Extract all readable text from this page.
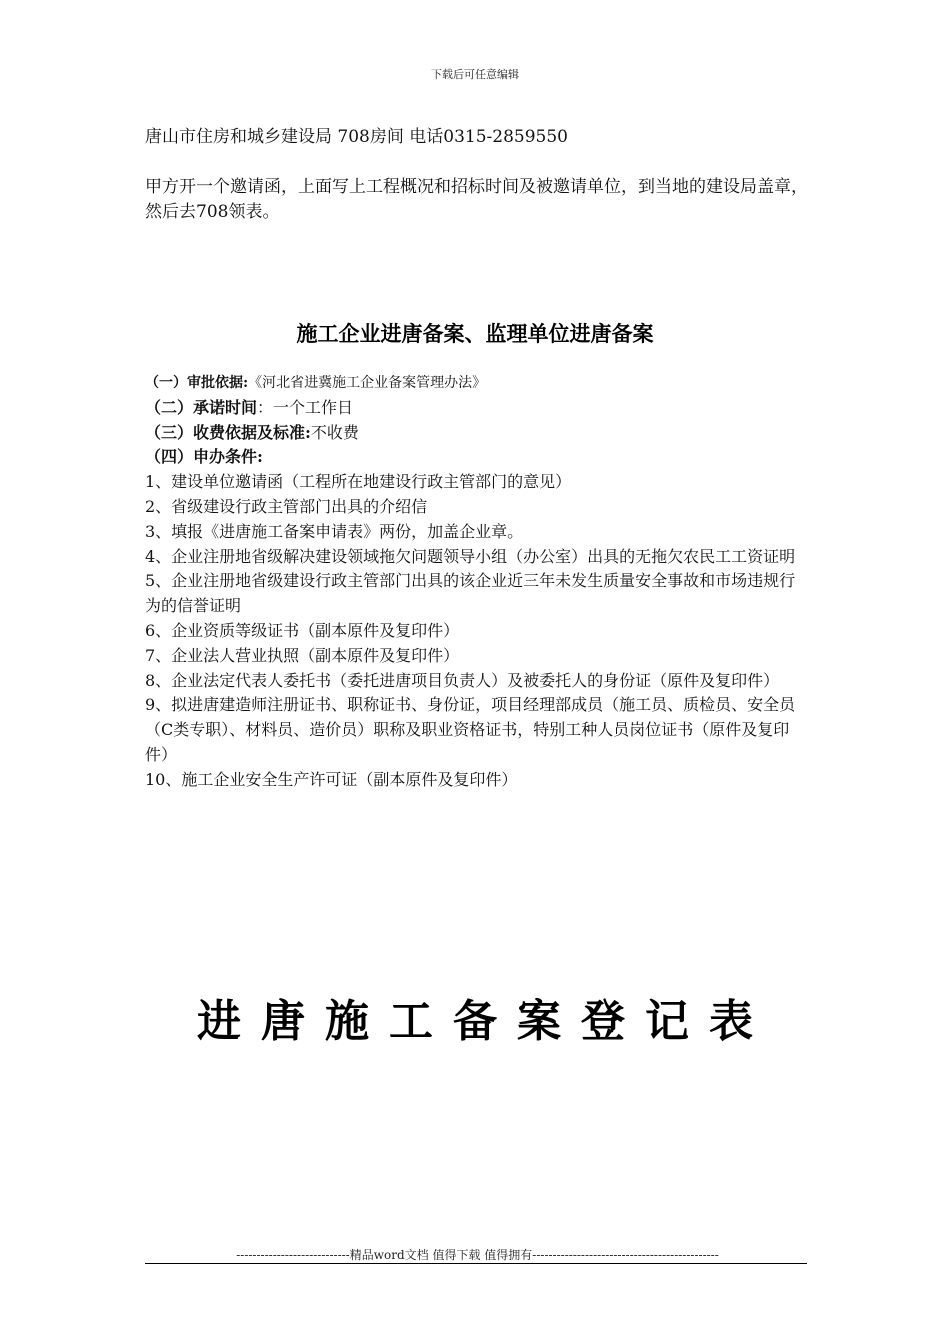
下载后可任意编辑
唐山市住房和城乡建设局 708房间 电话0315-2859550
甲方开一个邀请函，上面写上工程概况和招标时间及被邀请单位，到当地的建设局盖章，然后去708领表。
施工企业进唐备案、监理单位进唐备案

（一）审批依据:《河北省进冀施工企业备案管理办法》

（二）承诺时间：一个工作日

（三）收费依据及标准:不收费

（四）申办条件:

1、建设单位邀请函（工程所在地建设行政主管部门的意见）

2、省级建设行政主管部门出具的介绍信

3、填报《进唐施工备案申请表》两份，加盖企业章。

4、企业注册地省级解决建设领域拖欠问题领导小组（办公室）出具的无拖欠农民工工资证明

5、企业注册地省级建设行政主管部门出具的该企业近三年未发生质量安全事故和市场违规行为的信誉证明

6、企业资质等级证书（副本原件及复印件）

7、企业法人营业执照（副本原件及复印件）

8、企业法定代表人委托书（委托进唐项目负责人）及被委托人的身份证（原件及复印件）

9、拟进唐建造师注册证书、职称证书、身份证，项目经理部成员（施工员、质检员、安全员（C类专职）、材料员、造价员）职称及职业资格证书，特别工种人员岗位证书（原件及复印件）

10、施工企业安全生产许可证（副本原件及复印件）

进唐施工备案登记表
----------------------------精品word文档 值得下载 值得拥有----------------------------------------------
